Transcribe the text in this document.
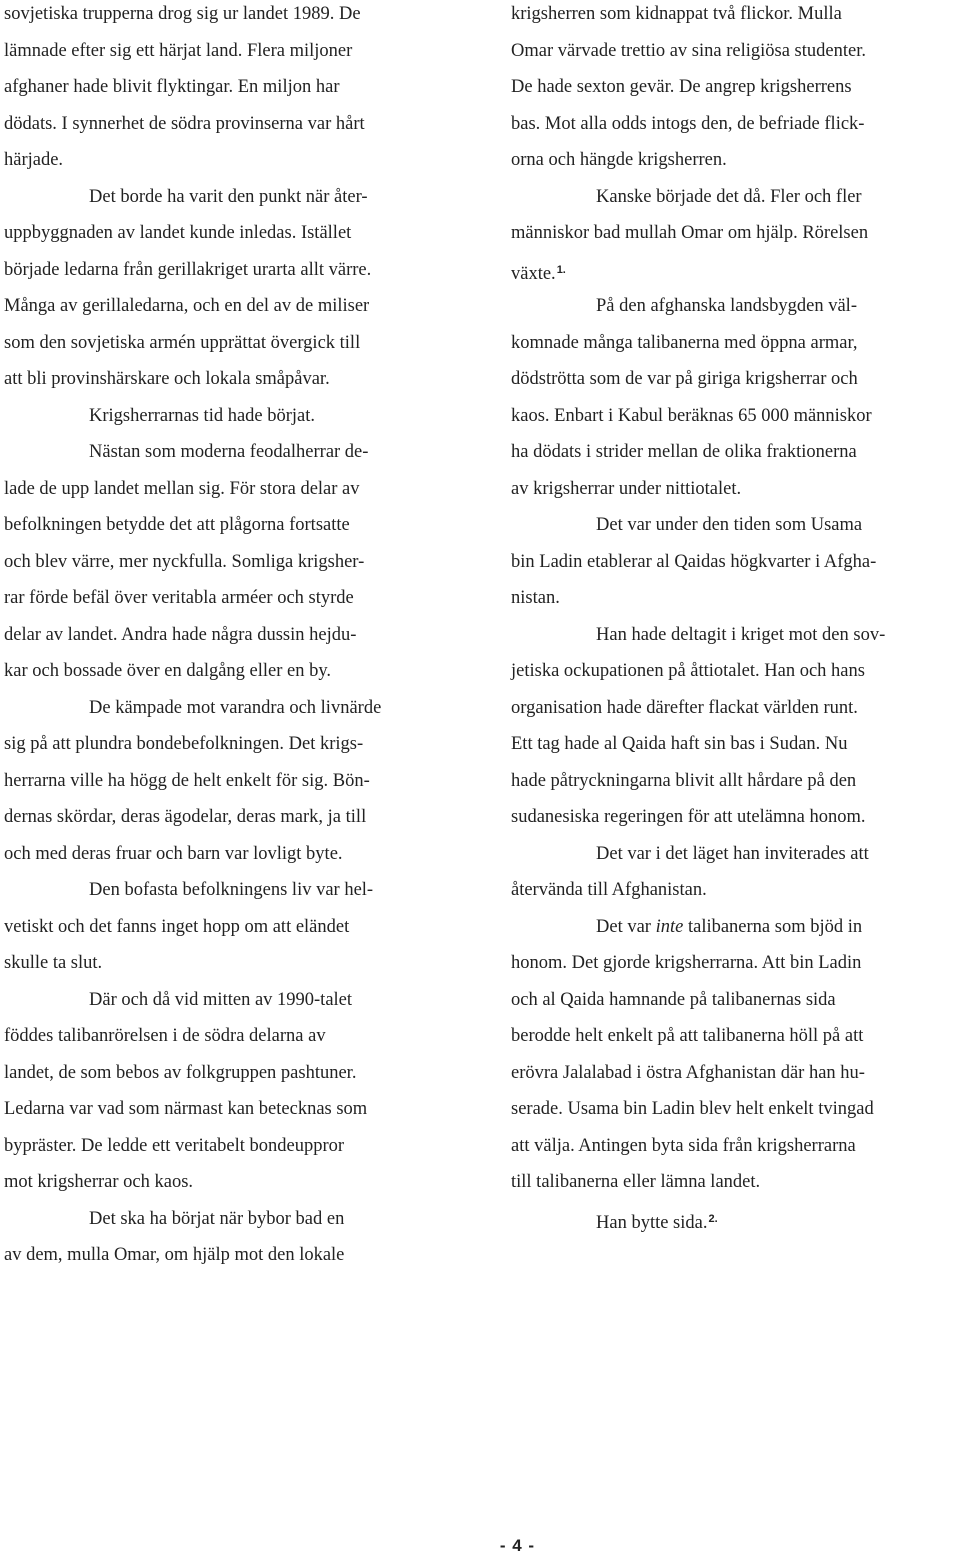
sovjetiska trupperna drog sig ur landet 1989. De
lämnade efter sig ett härjat land. Flera miljoner
afghaner hade blivit flyktingar. En miljon har
dödats. I synnerhet de södra provinserna var hårt
härjade.
Det borde ha varit den punkt när åter-
uppbyggnaden av landet kunde inledas. Istället
började ledarna från gerillakriget urarta allt värre.
Många av gerillaledarna, och en del av de miliser
som den sovjetiska armén upprättat övergick till
att bli provinshärskare och lokala småpåvar.
Krigsherrarnas tid hade börjat.
Nästan som moderna feodalherrar de-
lade de upp landet mellan sig. För stora delar av
befolkningen betydde det att plågorna fortsatte
och blev värre, mer nyckfulla. Somliga krigsher-
rar förde befäl över veritabla arméer och styrde
delar av landet. Andra hade några dussin hejdu-
kar och bossade över en dalgång eller en by.
De kämpade mot varandra och livnärde
sig på att plundra bondebefolkningen. Det krigs-
herrarna ville ha högg de helt enkelt för sig. Bön-
dernas skördar, deras ägodelar, deras mark, ja till
och med deras fruar och barn var lovligt byte.
Den bofasta befolkningens liv var hel-
vetiskt och det fanns inget hopp om att eländet
skulle ta slut.
Där och då vid mitten av 1990-talet
föddes talibanrörelsen i de södra delarna av
landet, de som bebos av folkgruppen pashtuner.
Ledarna var vad som närmast kan betecknas som
bypräster. De ledde ett veritabelt bondeuppror
mot krigsherrar och kaos.
Det ska ha börjat när bybor bad en
av dem, mulla Omar, om hjälp mot den lokale
krigsherren som kidnappat två flickor. Mulla
Omar värvade trettio av sina religiösa studenter.
De hade sexton gevär. De angrep krigsherrens
bas. Mot alla odds intogs den, de befriade flick-
orna och hängde krigsherren.
Kanske började det då. Fler och fler
människor bad mullah Omar om hjälp. Rörelsen
växte.$^{1.}$
På den afghanska landsbygden väl-
komnade många talibanerna med öppna armar,
dödströtta som de var på giriga krigsherrar och
kaos. Enbart i Kabul beräknas 65 000 människor
ha dödats i strider mellan de olika fraktionerna
av krigsherrar under nittiotalet.
Det var under den tiden som Usama
bin Ladin etablerar al Qaidas högkvarter i Afgha-
nistan.
Han hade deltagit i kriget mot den sov-
jetiska ockupationen på åttiotalet. Han och hans
organisation hade därefter flackat världen runt.
Ett tag hade al Qaida haft sin bas i Sudan. Nu
hade påtryckningarna blivit allt hårdare på den
sudanesiska regeringen för att utelämna honom.
Det var i det läget han inviterades att
återvända till Afghanistan.
Det var inte talibanerna som bjöd in
honom. Det gjorde krigsherrarna. Att bin Ladin
och al Qaida hamnande på talibanernas sida
berodde helt enkelt på att talibanerna höll på att
erövra Jalalabad i östra Afghanistan där han hu-
serade. Usama bin Ladin blev helt enkelt tvingad
att välja. Antingen byta sida från krigsherrarna
till talibanerna eller lämna landet.
Han bytte sida.$^{2.}$
- 4 -
